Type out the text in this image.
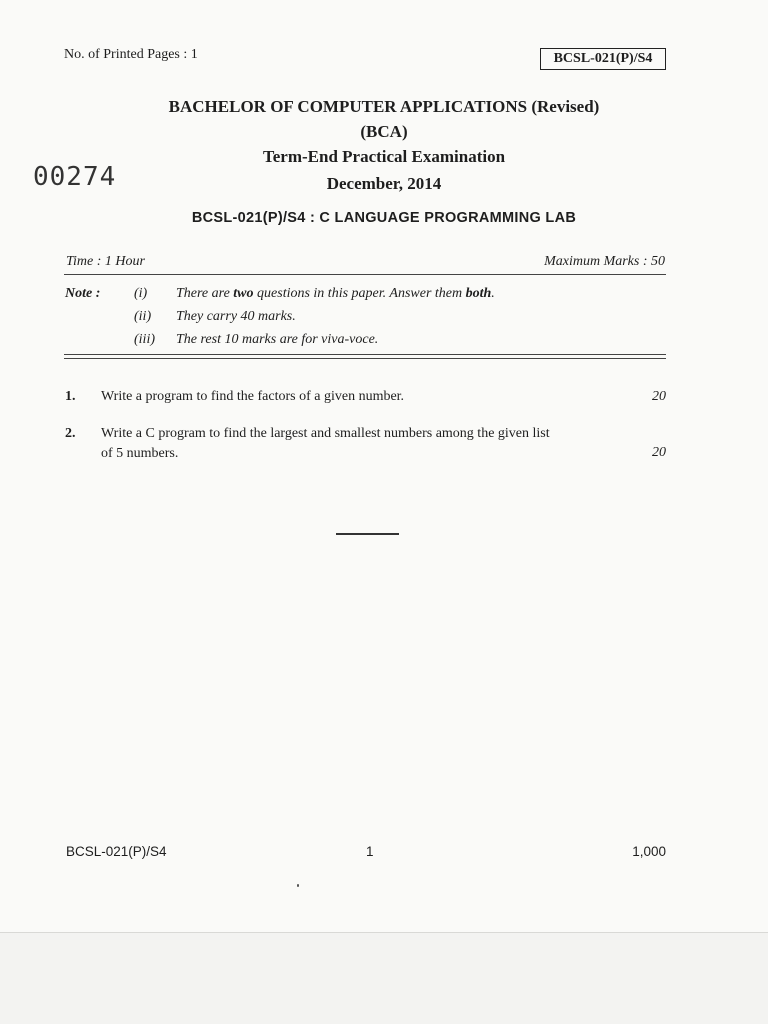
No. of Printed Pages : 1	BCSL-021(P)/S4
BACHELOR OF COMPUTER APPLICATIONS (Revised)
(BCA)
Term-End Practical Examination
December, 2014
00274
BCSL-021(P)/S4 : C LANGUAGE PROGRAMMING LAB
Time : 1 Hour	Maximum Marks : 50
Note : (i) There are two questions in this paper. Answer them both.
(ii) They carry 40 marks.
(iii) The rest 10 marks are for viva-voce.
1. Write a program to find the factors of a given number.	20
2. Write a C program to find the largest and smallest numbers among the given list
of 5 numbers.	20
BCSL-021(P)/S4	1	1,000
